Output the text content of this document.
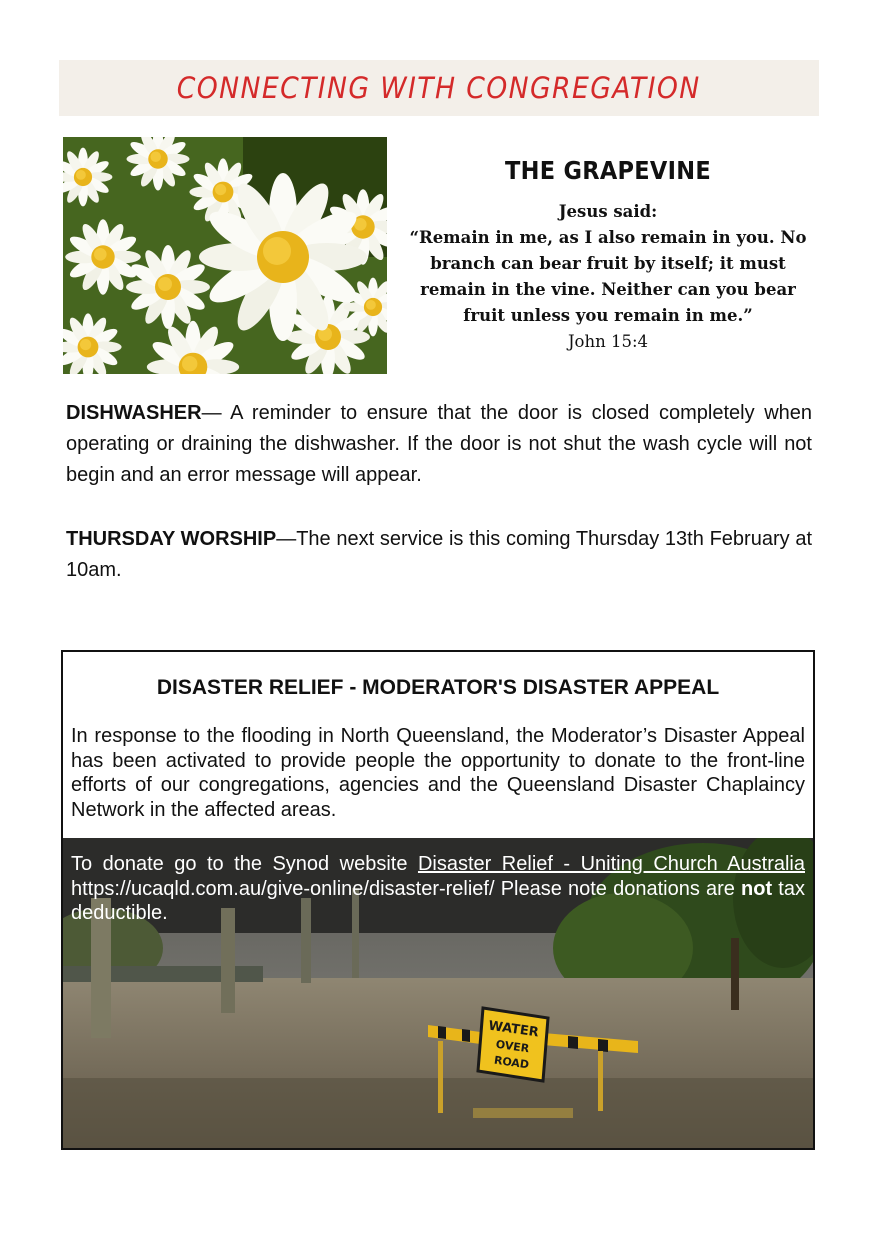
CONNECTING WITH CONGREGATION
THE GRAPEVINE
Jesus said:
“Remain in me, as I also remain in you. No branch can bear fruit by itself; it must remain in the vine. Neither can you bear fruit unless you remain in me.”
John 15:4
DISHWASHER— A reminder to ensure that the door is closed completely when operating or draining the dishwasher. If the door is not shut the wash cycle will not begin and an error message will appear.
THURSDAY WORSHIP—The next service is this coming Thursday 13th February at 10am.
DISASTER RELIEF - MODERATOR'S DISASTER APPEAL
In response to the flooding in North Queensland, the Moderator’s Disaster Appeal has been activated to provide people the opportunity to donate to the front-line efforts of our congregations, agencies and the Queensland Disaster Chaplaincy Network in the affected areas.
WATER
OVER
ROAD
To donate go to the Synod website Disaster Relief - Uniting Church Australia https://ucaqld.com.au/give-online/disaster-relief/ Please note donations are not tax deductible.
